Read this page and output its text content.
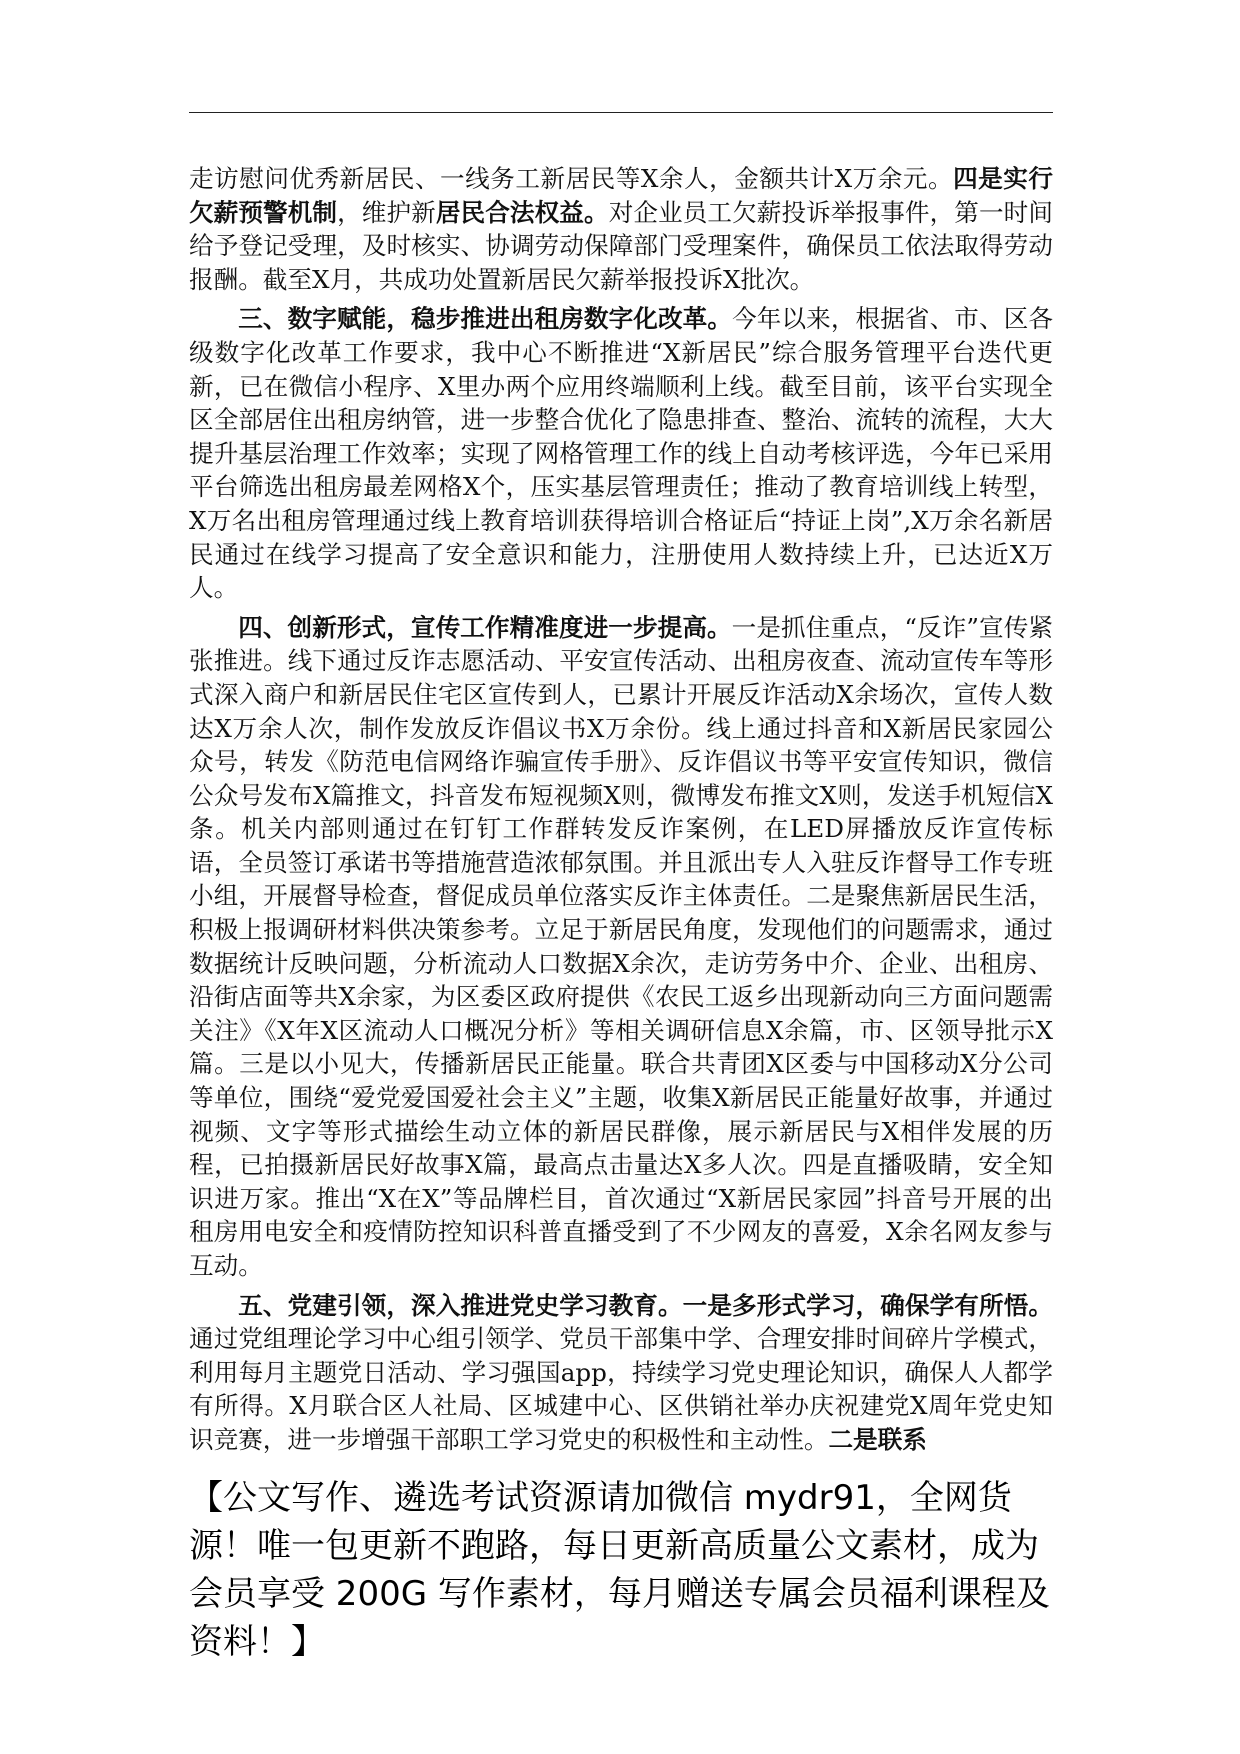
走访慰问优秀新居民、一线务工新居民等X余人，金额共计X万余元。四是实行欠薪预警机制，维护新居民合法权益。对企业员工欠薪投诉举报事件，第一时间给予登记受理，及时核实、协调劳动保障部门受理案件，确保员工依法取得劳动报酬。截至X月，共成功处置新居民欠薪举报投诉X批次。

三、数字赋能，稳步推进出租房数字化改革。今年以来，根据省、市、区各级数字化改革工作要求，我中心不断推进“X新居民”综合服务管理平台迭代更新，已在微信小程序、X里办两个应用终端顺利上线。截至目前，该平台实现全区全部居住出租房纳管，进一步整合优化了隐患排查、整治、流转的流程，大大提升基层治理工作效率；实现了网格管理工作的线上自动考核评选，今年已采用平台筛选出租房最差网格X个，压实基层管理责任；推动了教育培训线上转型，X万名出租房管理通过线上教育培训获得培训合格证后“持证上岗”,X万余名新居民通过在线学习提高了安全意识和能力，注册使用人数持续上升，已达近X万人。

四、创新形式，宣传工作精准度进一步提高。一是抓住重点，“反诈”宣传紧张推进。线下通过反诈志愿活动、平安宣传活动、出租房夜查、流动宣传车等形式深入商户和新居民住宅区宣传到人，已累计开展反诈活动X余场次，宣传人数达X万余人次，制作发放反诈倡议书X万余份。线上通过抖音和X新居民家园公众号，转发《防范电信网络诈骗宣传手册》、反诈倡议书等平安宣传知识，微信公众号发布X篇推文，抖音发布短视频X则，微博发布推文X则，发送手机短信X条。机关内部则通过在钉钉工作群转发反诈案例，在LED屏播放反诈宣传标语，全员签订承诺书等措施营造浓郁氛围。并且派出专人入驻反诈督导工作专班小组，开展督导检查，督促成员单位落实反诈主体责任。二是聚焦新居民生活，积极上报调研材料供决策参考。立足于新居民角度，发现他们的问题需求，通过数据统计反映问题，分析流动人口数据X余次，走访劳务中介、企业、出租房、沿街店面等共X余家，为区委区政府提供《农民工返乡出现新动向三方面问题需关注》《X年X区流动人口概况分析》等相关调研信息X余篇，市、区领导批示X篇。三是以小见大，传播新居民正能量。联合共青团X区委与中国移动X分公司等单位，围绕“爱党爱国爱社会主义”主题，收集X新居民正能量好故事，并通过视频、文字等形式描绘生动立体的新居民群像，展示新居民与X相伴发展的历程，已拍摄新居民好故事X篇，最高点击量达X多人次。四是直播吸睛，安全知识进万家。推出“X在X”等品牌栏目，首次通过“X新居民家园”抖音号开展的出租房用电安全和疫情防控知识科普直播受到了不少网友的喜爱，X余名网友参与互动。

五、党建引领，深入推进党史学习教育。一是多形式学习，确保学有所悟。通过党组理论学习中心组引领学、党员干部集中学、合理安排时间碎片学模式，利用每月主题党日活动、学习强国app，持续学习党史理论知识，确保人人都学有所得。X月联合区人社局、区城建中心、区供销社举办庆祝建党X周年党史知识竞赛，进一步增强干部职工学习党史的积极性和主动性。二是联系

【公文写作、遴选考试资源请加微信 mydr91，全网货源！唯一包更新不跑路，每日更新高质量公文素材，成为会员享受 200G 写作素材，每月赠送专属会员福利课程及资料！】
